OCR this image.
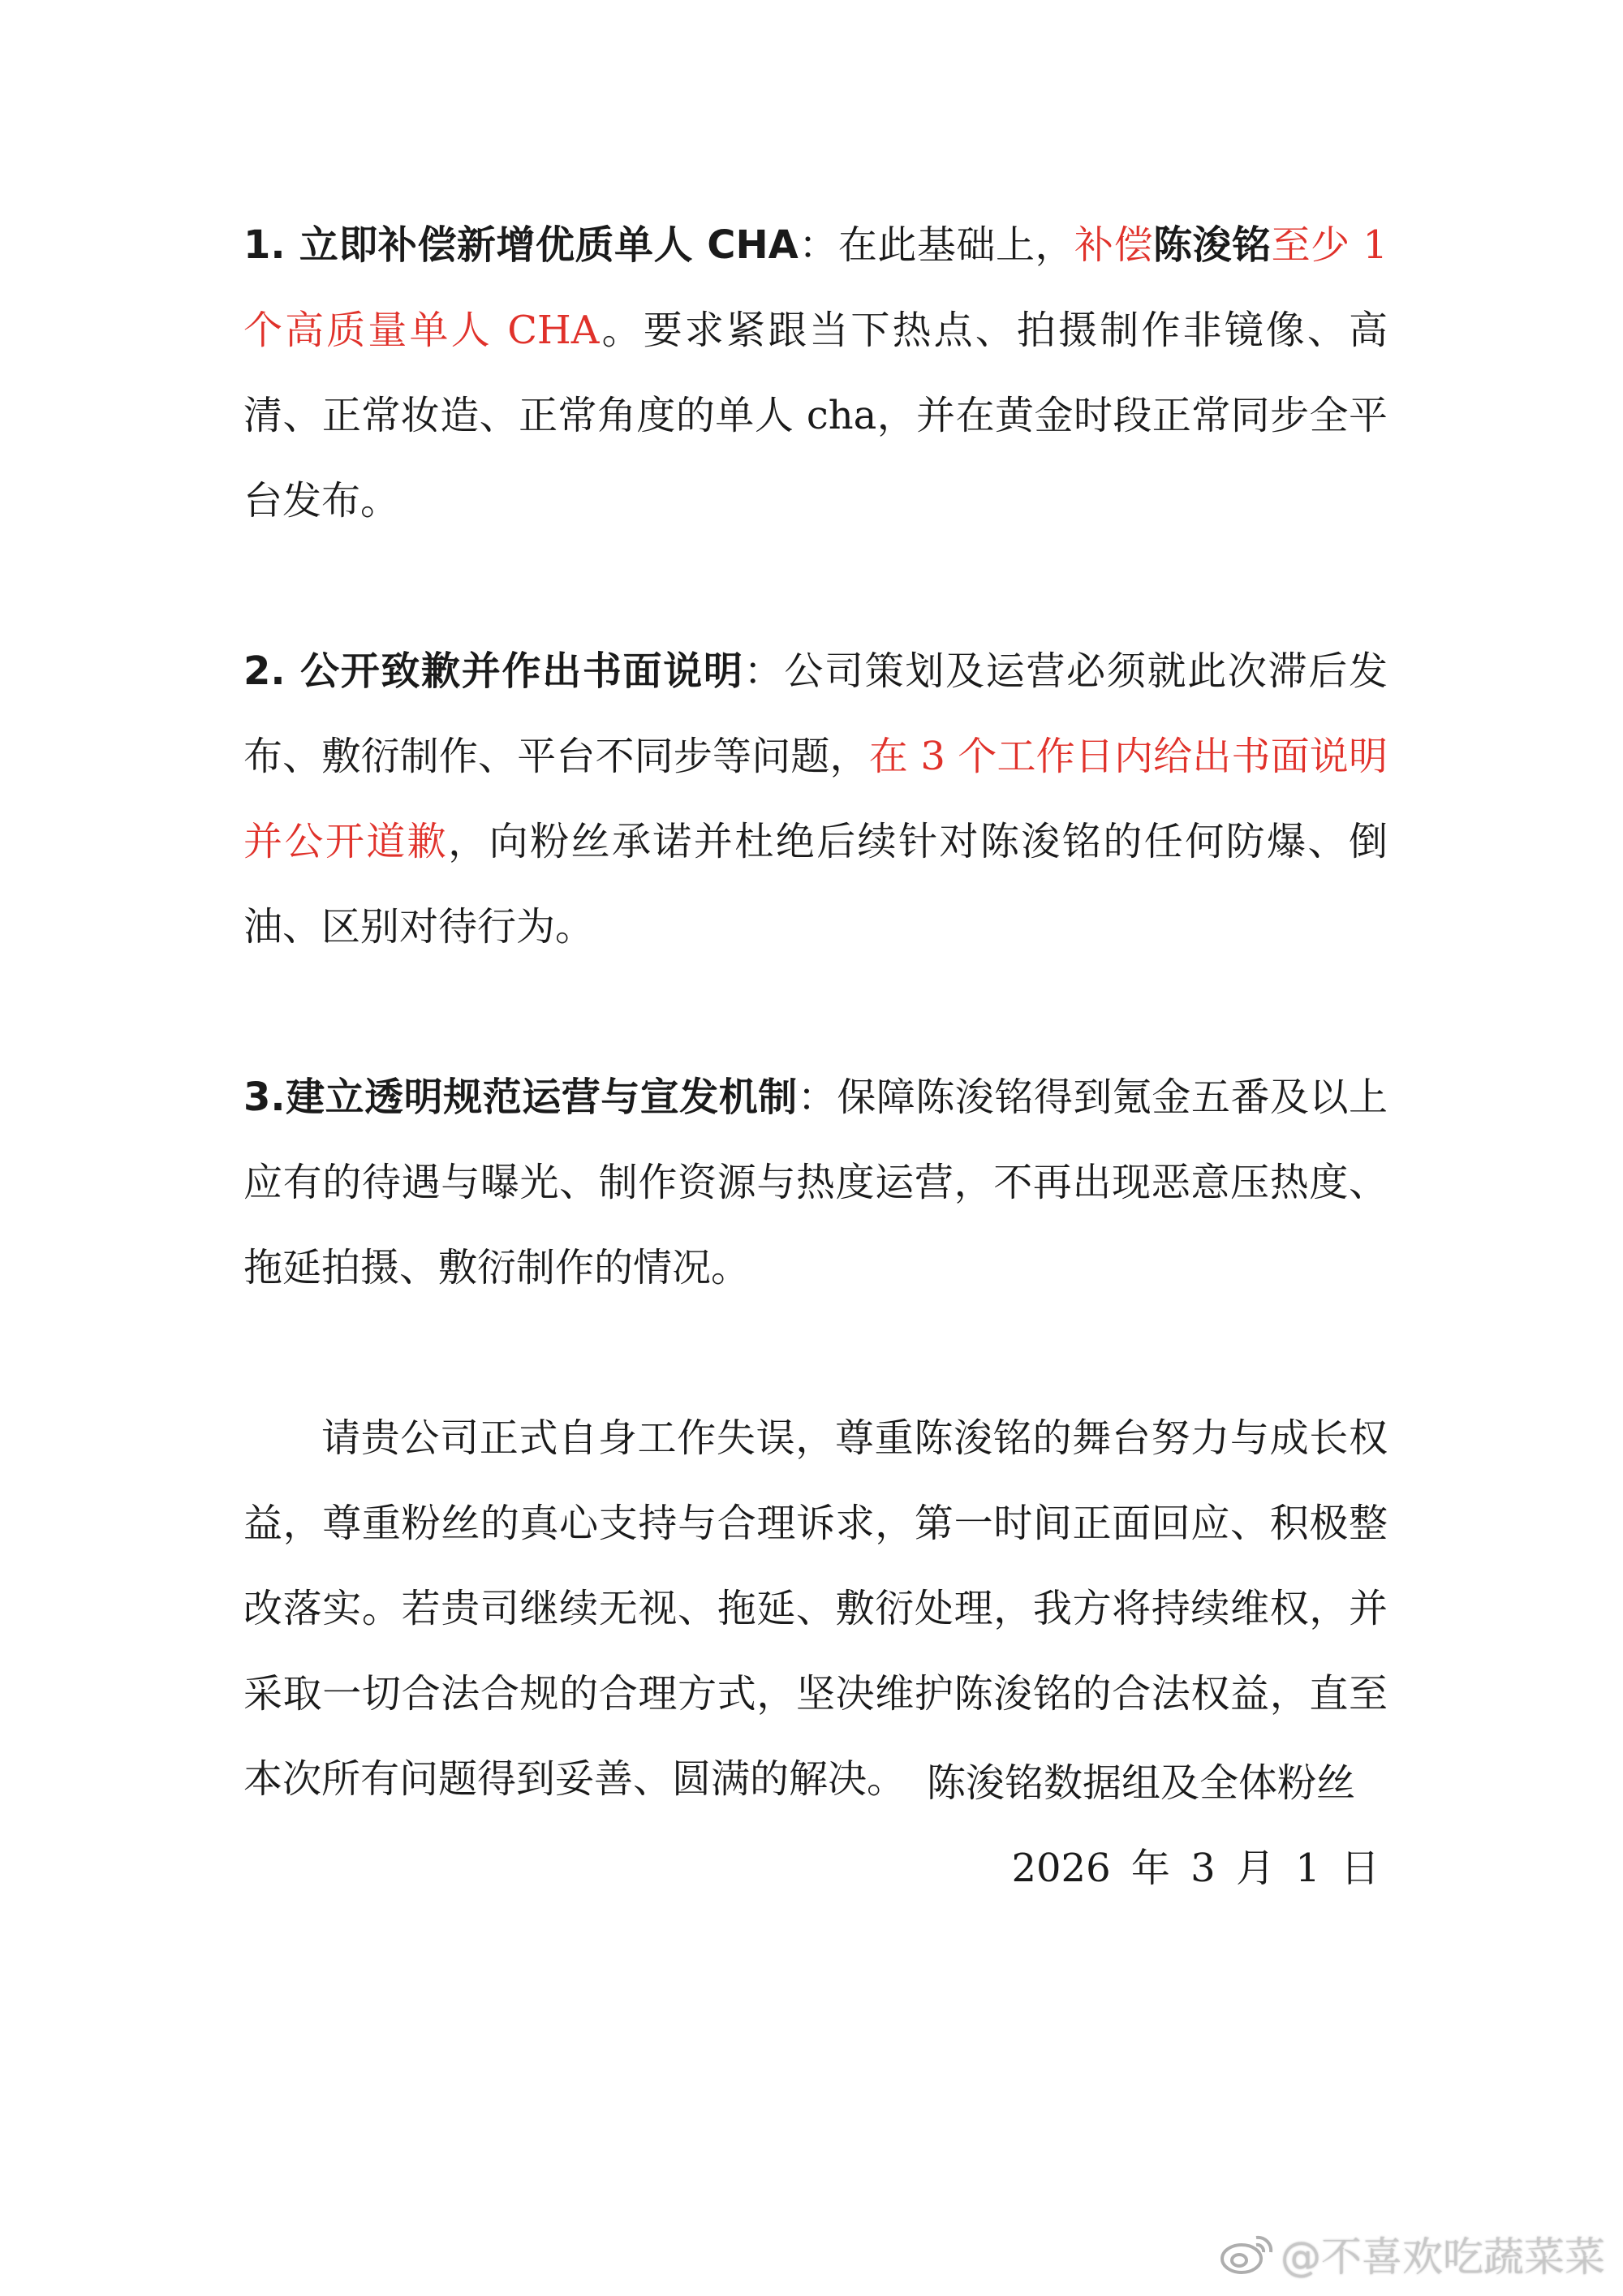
1. 立即补偿新增优质单人 CHA：在此基础上，补偿陈浚铭至少 1 个高质量单人 CHA。要求紧跟当下热点、拍摄制作非镜像、高清、正常妆造、正常角度的单人 cha，并在黄金时段正常同步全平台发布。

2. 公开致歉并作出书面说明：公司策划及运营必须就此次滞后发布、敷衍制作、平台不同步等问题，在 3 个工作日内给出书面说明并公开道歉，向粉丝承诺并杜绝后续针对陈浚铭的任何防爆、倒油、区别对待行为。

3.建立透明规范运营与宣发机制：保障陈浚铭得到氪金五番及以上应有的待遇与曝光、制作资源与热度运营，不再出现恶意压热度、拖延拍摄、敷衍制作的情况。

请贵公司正式自身工作失误，尊重陈浚铭的舞台努力与成长权益，尊重粉丝的真心支持与合理诉求，第一时间正面回应、积极整改落实。若贵司继续无视、拖延、敷衍处理，我方将持续维权，并采取一切合法合规的合理方式，坚决维护陈浚铭的合法权益，直至本次所有问题得到妥善、圆满的解决。 陈浚铭数据组及全体粉丝
2026 年 3 月 1 日
@不喜欢吃蔬菜菜
